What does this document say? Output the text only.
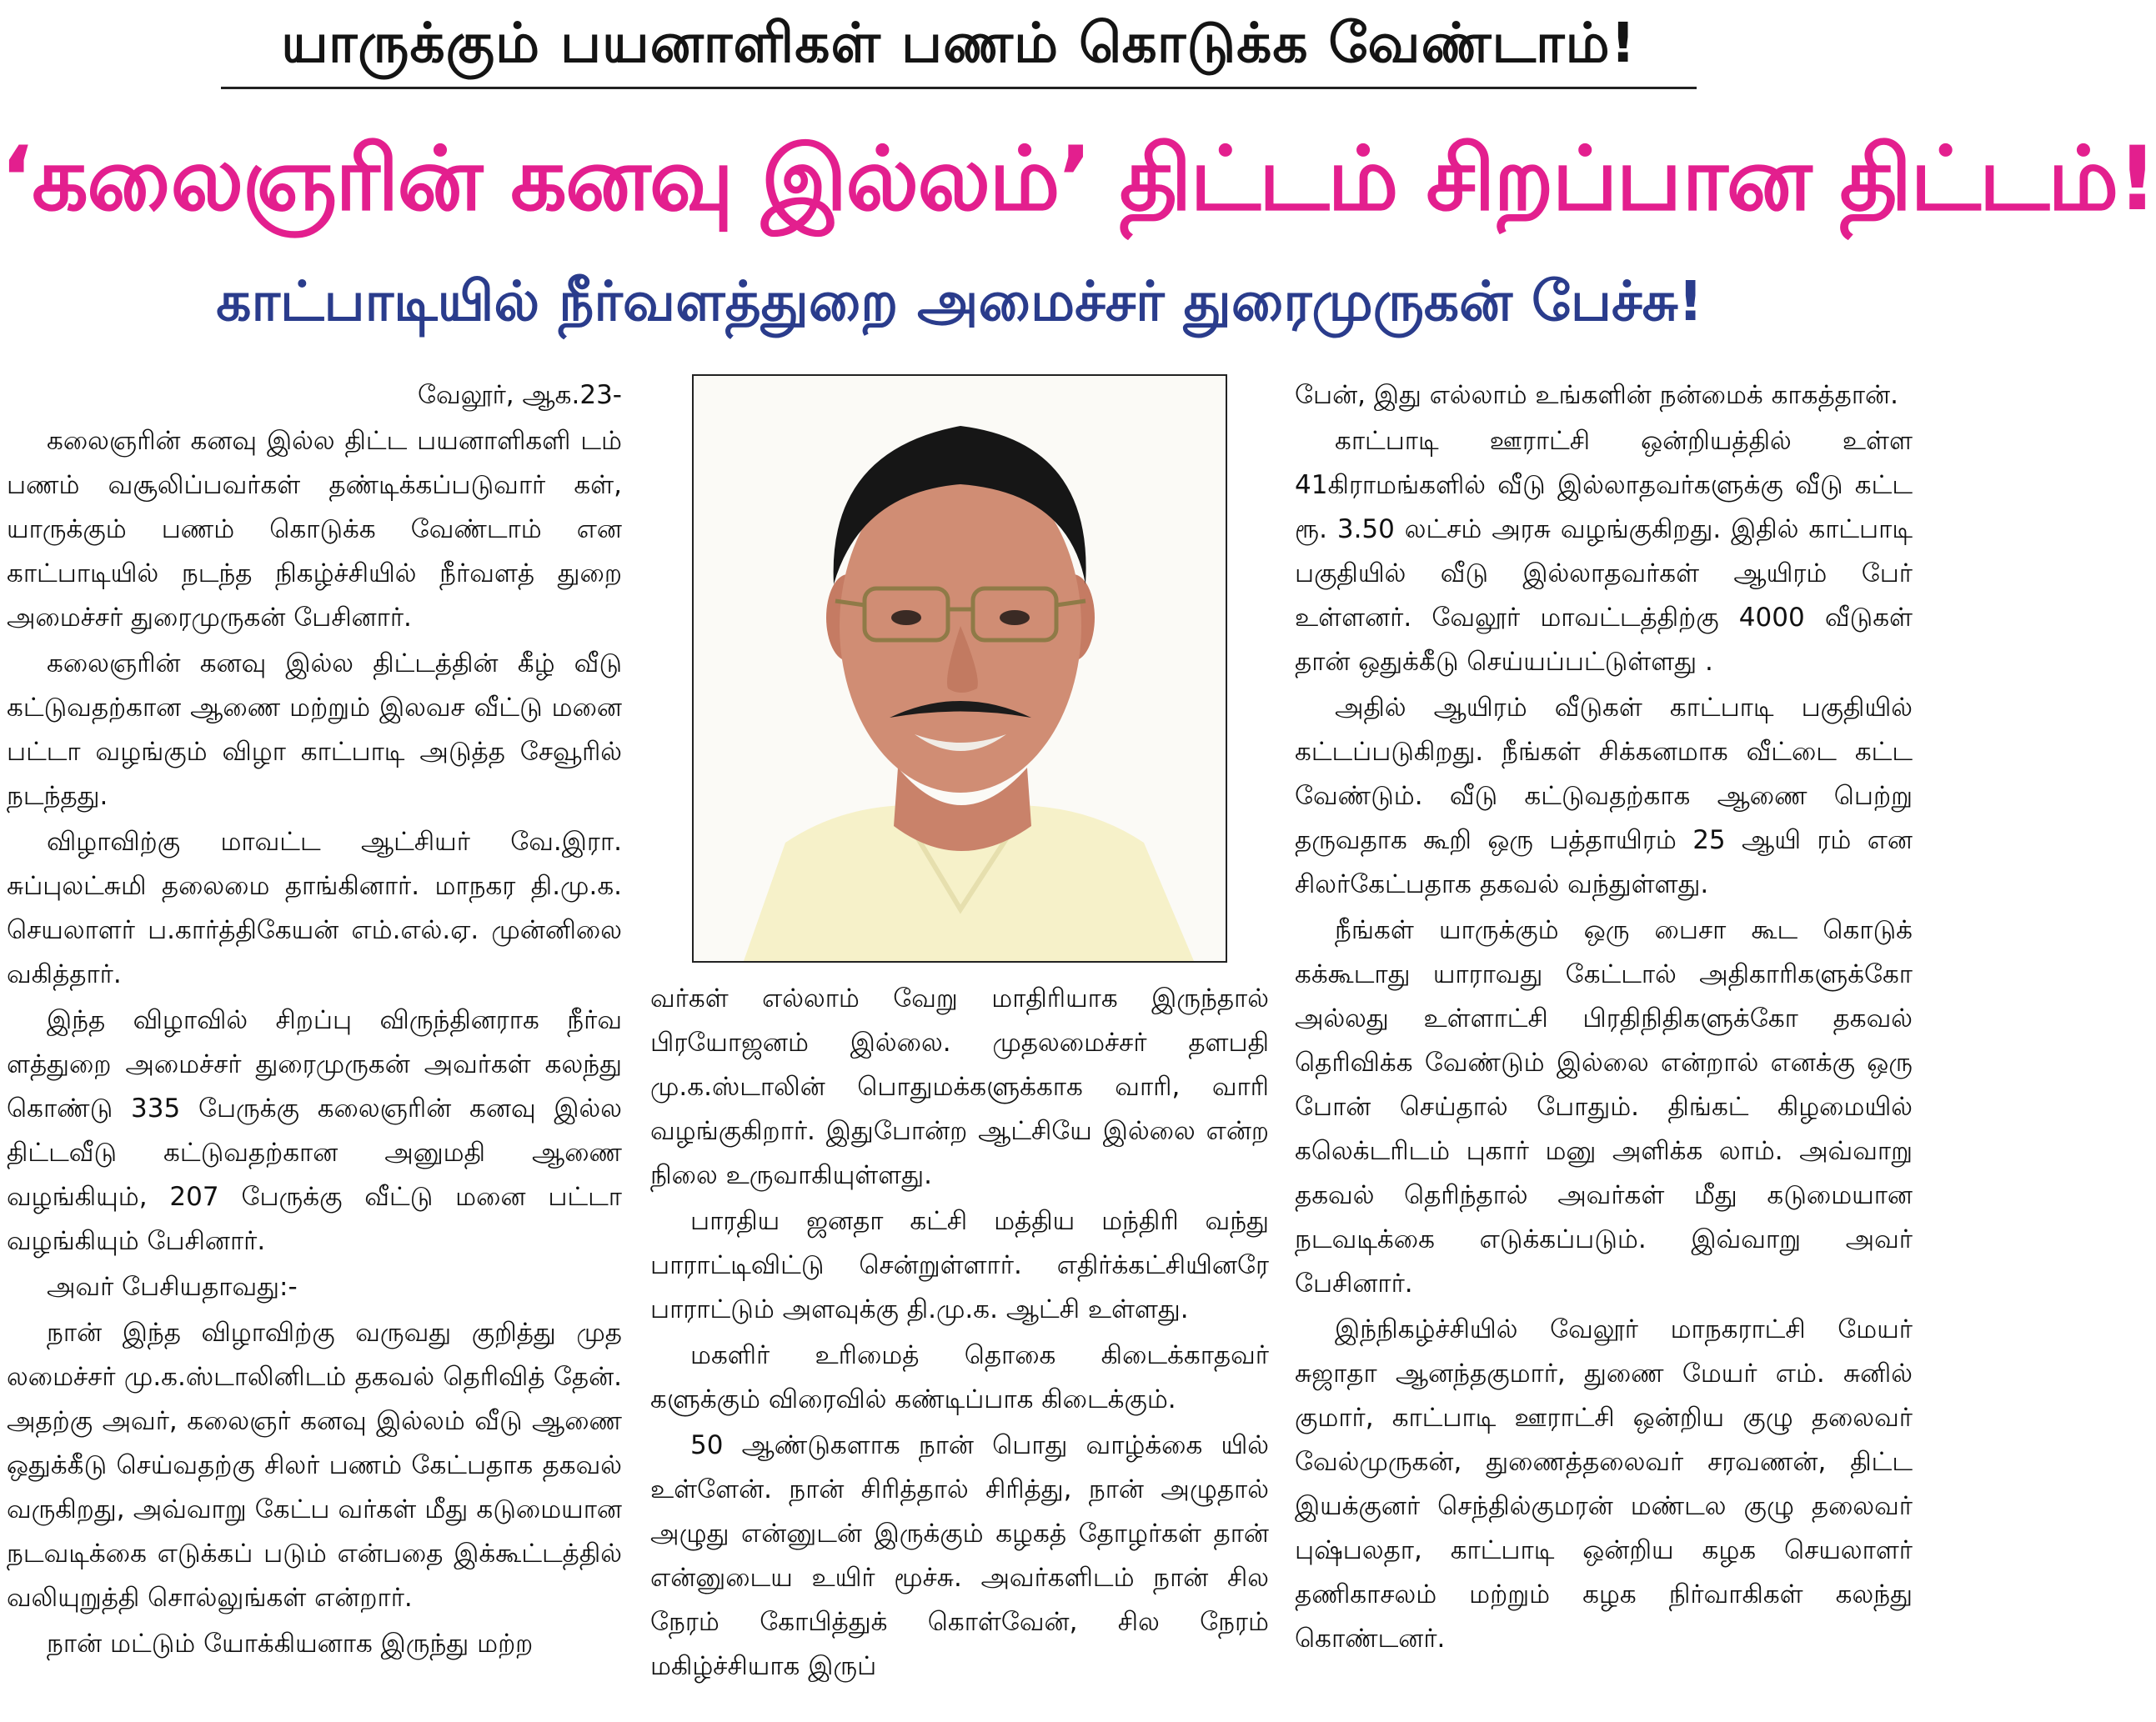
யாருக்கும் பயனாளிகள் பணம் கொடுக்க வேண்டாம்!
‘கலைஞரின் கனவு இல்லம்’ திட்டம் சிறப்பான திட்டம்!
காட்பாடியில் நீர்வளத்துறை அமைச்சர் துரைமுருகன் பேச்சு!

வேலூர், ஆக.23-

கலைஞரின் கனவு இல்ல திட்ட பயனாளிகளி டம் பணம் வசூலிப்பவர்கள் தண்டிக்கப்படுவார் கள், யாருக்கும் பணம் கொடுக்க வேண்டாம் என காட்பாடியில் நடந்த நிகழ்ச்சியில் நீர்வளத் துறை அமைச்சர் துரைமுருகன் பேசினார்.

கலைஞரின் கனவு இல்ல திட்டத்தின் கீழ் வீடு கட்டுவதற்கான ஆணை மற்றும் இலவச வீட்டு மனை பட்டா வழங்கும் விழா காட்பாடி அடுத்த சேவூரில் நடந்தது.

விழாவிற்கு மாவட்ட ஆட்சியர் வே.இரா. சுப்புலட்சுமி தலைமை தாங்கினார். மாநகர தி.மு.க. செயலாளர் ப.கார்த்திகேயன் எம்.எல்.ஏ. முன்னிலை வகித்தார்.

இந்த விழாவில் சிறப்பு விருந்தினராக நீர்வ ளத்துறை அமைச்சர் துரைமுருகன் அவர்கள் கலந்து கொண்டு 335 பேருக்கு கலைஞரின் கனவு இல்ல திட்டவீடு கட்டுவதற்கான அனுமதி ஆணை வழங்கியும், 207 பேருக்கு வீட்டு மனை பட்டா வழங்கியும் பேசினார்.

அவர் பேசியதாவது:-

நான் இந்த விழாவிற்கு வருவது குறித்து முத லமைச்சர் மு.க.ஸ்டாலினிடம் தகவல் தெரிவித் தேன். அதற்கு அவர், கலைஞர் கனவு இல்லம் வீடு ஆணை ஒதுக்கீடு செய்வதற்கு சிலர் பணம் கேட்பதாக தகவல் வருகிறது, அவ்வாறு கேட்ப வர்கள் மீது கடுமையான நடவடிக்கை எடுக்கப் படும் என்பதை இக்கூட்டத்தில் வலியுறுத்தி சொல்லுங்கள் என்றார்.

நான் மட்டும் யோக்கியனாக இருந்து மற்ற

வர்கள் எல்லாம் வேறு மாதிரியாக இருந்தால் பிரயோஜனம் இல்லை. முதலமைச்சர் தளபதி மு.க.ஸ்டாலின் பொதுமக்களுக்காக வாரி, வாரி வழங்குகிறார். இதுபோன்ற ஆட்சியே இல்லை என்ற நிலை உருவாகியுள்ளது.

பாரதிய ஜனதா கட்சி மத்திய மந்திரி வந்து பாராட்டிவிட்டு சென்றுள்ளார். எதிர்க்கட்சியினரே பாராட்டும் அளவுக்கு தி.மு.க. ஆட்சி உள்ளது.

மகளிர் உரிமைத் தொகை கிடைக்காதவர் களுக்கும் விரைவில் கண்டிப்பாக கிடைக்கும்.

50 ஆண்டுகளாக நான் பொது வாழ்க்கை யில் உள்ளேன். நான் சிரித்தால் சிரித்து, நான் அழுதால் அழுது என்னுடன் இருக்கும் கழகத் தோழர்கள் தான் என்னுடைய உயிர் மூச்சு. அவர்களிடம் நான் சில நேரம் கோபித்துக் கொள்வேன், சில நேரம் மகிழ்ச்சியாக இருப்

பேன், இது எல்லாம் உங்களின் நன்மைக் காகத்தான்.

காட்பாடி ஊராட்சி ஒன்றியத்தில் உள்ள 41கிராமங்களில் வீடு இல்லாதவர்களுக்கு வீடு கட்ட ரூ. 3.50 லட்சம் அரசு வழங்குகிறது. இதில் காட்பாடி பகுதியில் வீடு இல்லாதவர்கள் ஆயிரம் பேர் உள்ளனர். வேலூர் மாவட்டத்திற்கு 4000 வீடுகள் தான் ஒதுக்கீடு செய்யப்பட்டுள்ளது .

அதில் ஆயிரம் வீடுகள் காட்பாடி பகுதியில் கட்டப்படுகிறது. நீங்கள் சிக்கனமாக வீட்டை கட்ட வேண்டும். வீடு கட்டுவதற்காக ஆணை பெற்று தருவதாக கூறி ஒரு பத்தாயிரம் 25 ஆயி ரம் என சிலர்கேட்பதாக தகவல் வந்துள்ளது.

நீங்கள் யாருக்கும் ஒரு பைசா கூட கொடுக் கக்கூடாது யாராவது கேட்டால் அதிகாரிகளுக்கோ அல்லது உள்ளாட்சி பிரதிநிதிகளுக்கோ தகவல் தெரிவிக்க வேண்டும் இல்லை என்றால் எனக்கு ஒரு போன் செய்தால் போதும். திங்கட் கிழமையில் கலெக்டரிடம் புகார் மனு அளிக்க லாம். அவ்வாறு தகவல் தெரிந்தால் அவர்கள் மீது கடுமையான நடவடிக்கை எடுக்கப்படும். இவ்வாறு அவர் பேசினார்.

இந்நிகழ்ச்சியில் வேலூர் மாநகராட்சி மேயர் சுஜாதா ஆனந்தகுமார், துணை மேயர் எம். சுனில் குமார், காட்பாடி ஊராட்சி ஒன்றிய குழு தலைவர் வேல்முருகன், துணைத்தலைவர் சரவணன், திட்ட இயக்குனர் செந்தில்குமரன் மண்டல குழு தலைவர் புஷ்பலதா, காட்பாடி ஒன்றிய கழக செயலாளர் தணிகாசலம் மற்றும் கழக நிர்வாகிகள் கலந்து கொண்டனர்.
